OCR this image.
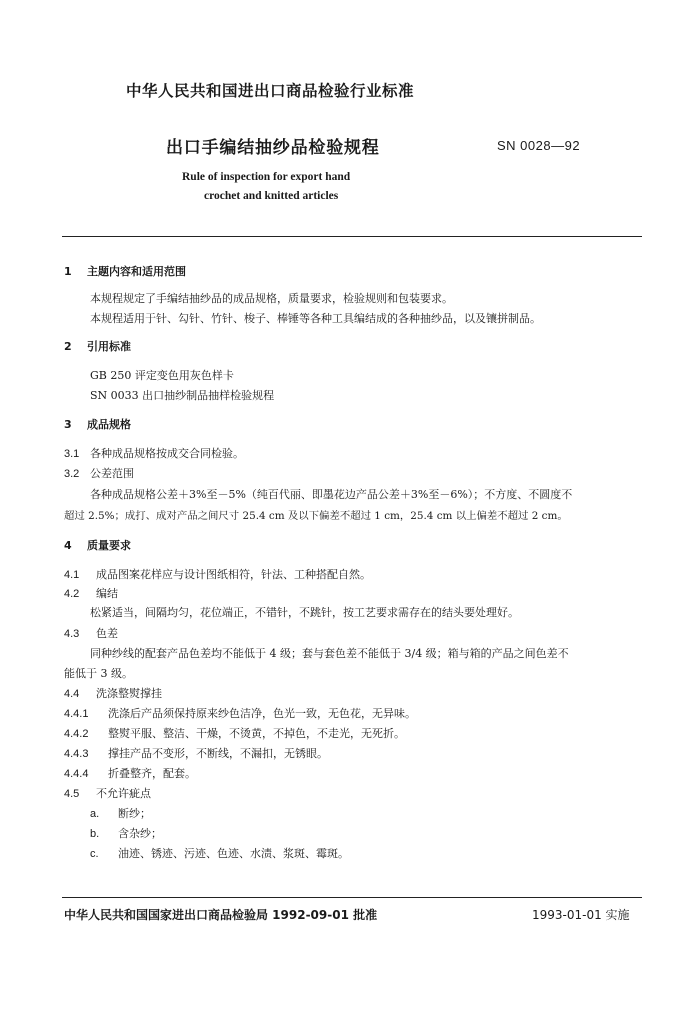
中华人民共和国进出口商品检验行业标准
出口手编结抽纱品检验规程	SN 0028—92
Rule of inspection for export hand
crochet and knitted articles
1 主题内容和适用范围
本规程规定了手编结抽纱品的成品规格，质量要求，检验规则和包装要求。
本规程适用于针、勾针、竹针、梭子、棒锤等各种工具编结成的各种抽纱品，以及镶拼制品。
2 引用标准
GB 250 评定变色用灰色样卡
SN 0033 出口抽纱制品抽样检验规程
3 成品规格
3.1 各种成品规格按成交合同检验。
3.2 公差范围
各种成品规格公差＋3%至－5%（纯百代丽、即墨花边产品公差＋3%至－6%）；不方度、不圆度不
超过 2.5%；成打、成对产品之间尺寸 25.4 cm 及以下偏差不超过 1 cm，25.4 cm 以上偏差不超过 2 cm。
4 质量要求
4.1 成品图案花样应与设计图纸相符，针法、工种搭配自然。
4.2 编结
松紧适当，间隔均匀，花位端正，不错针，不跳针，按工艺要求需存在的结头要处理好。
4.3 色差
同种纱线的配套产品色差均不能低于 4 级；套与套色差不能低于 3/4 级；箱与箱的产品之间色差不
能低于 3 级。
4.4 洗涤整熨撑挂
4.4.1 洗涤后产品须保持原来纱色洁净，色光一致，无色花，无异味。
4.4.2 整熨平服、整洁、干燥，不烫黄，不掉色，不走光，无死折。
4.4.3 撑挂产品不变形，不断线，不漏扣，无锈眼。
4.4.4 折叠整齐，配套。
4.5 不允许疵点
a. 断纱；
b. 含杂纱；
c. 油迹、锈迹、污迹、色迹、水渍、浆斑、霉斑。
中华人民共和国国家进出口商品检验局 1992-09-01 批准	1993-01-01 实施
